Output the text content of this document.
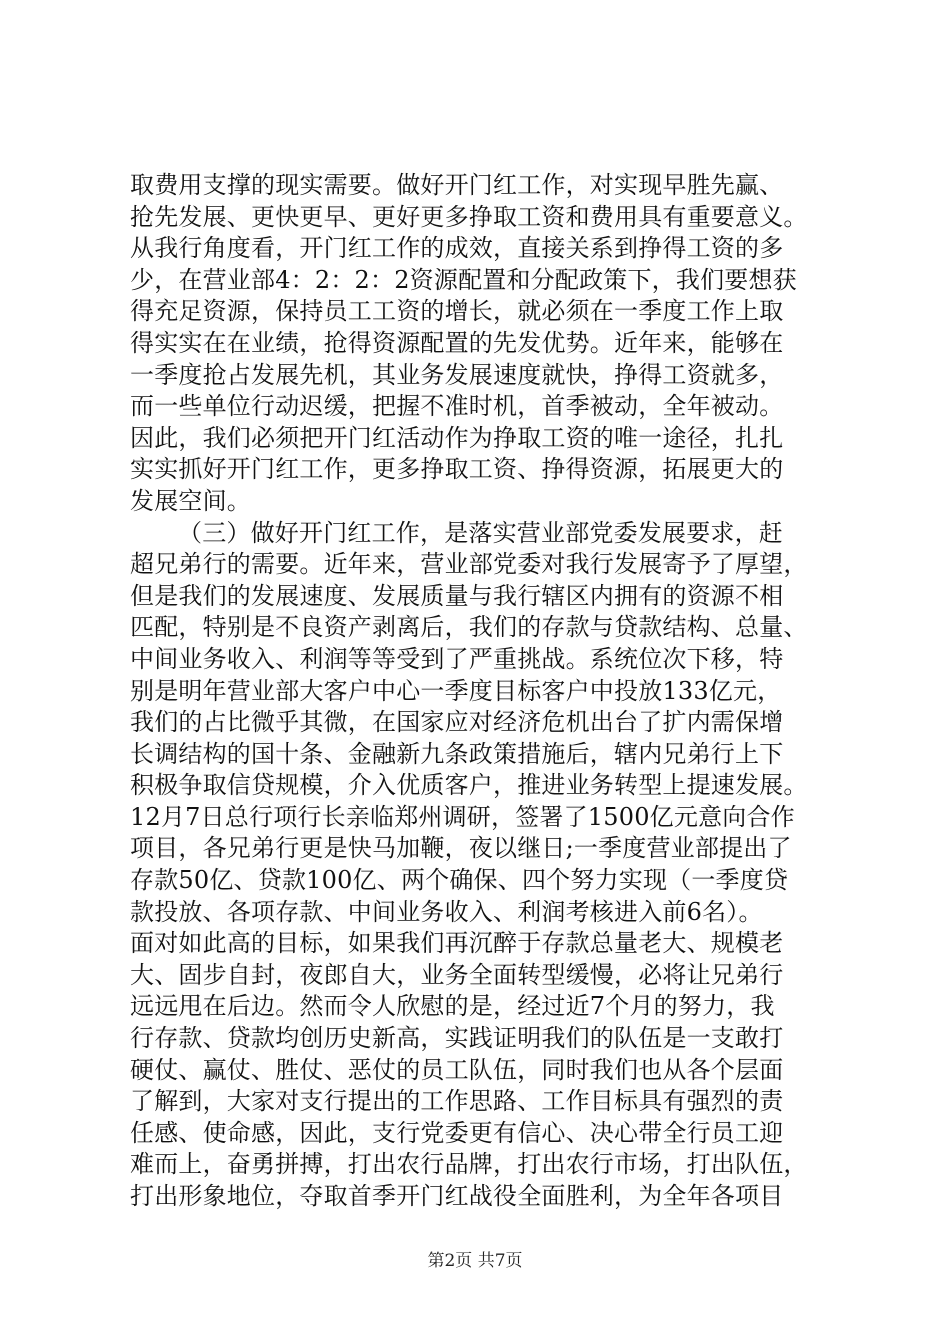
取费用支撑的现实需要。做好开门红工作，对实现早胜先赢、
抢先发展、更快更早、更好更多挣取工资和费用具有重要意义。
从我行角度看，开门红工作的成效，直接关系到挣得工资的多
少，在营业部4：2：2：2资源配置和分配政策下，我们要想获
得充足资源，保持员工工资的增长，就必须在一季度工作上取
得实实在在业绩，抢得资源配置的先发优势。近年来，能够在
一季度抢占发展先机，其业务发展速度就快，挣得工资就多，
而一些单位行动迟缓，把握不准时机，首季被动，全年被动。
因此，我们必须把开门红活动作为挣取工资的唯一途径，扎扎
实实抓好开门红工作，更多挣取工资、挣得资源，拓展更大的
发展空间。
（三）做好开门红工作，是落实营业部党委发展要求，赶
超兄弟行的需要。近年来，营业部党委对我行发展寄予了厚望，
但是我们的发展速度、发展质量与我行辖区内拥有的资源不相
匹配，特别是不良资产剥离后，我们的存款与贷款结构、总量、
中间业务收入、利润等等受到了严重挑战。系统位次下移，特
别是明年营业部大客户中心一季度目标客户中投放133亿元，
我们的占比微乎其微，在国家应对经济危机出台了扩内需保增
长调结构的国十条、金融新九条政策措施后，辖内兄弟行上下
积极争取信贷规模，介入优质客户，推进业务转型上提速发展。
12月7日总行项行长亲临郑州调研，签署了1500亿元意向合作
项目，各兄弟行更是快马加鞭，夜以继日;一季度营业部提出了
存款50亿、贷款100亿、两个确保、四个努力实现（一季度贷
款投放、各项存款、中间业务收入、利润考核进入前6名）。
面对如此高的目标，如果我们再沉醉于存款总量老大、规模老
大、固步自封，夜郎自大，业务全面转型缓慢，必将让兄弟行
远远甩在后边。然而令人欣慰的是，经过近7个月的努力，我
行存款、贷款均创历史新高，实践证明我们的队伍是一支敢打
硬仗、赢仗、胜仗、恶仗的员工队伍，同时我们也从各个层面
了解到，大家对支行提出的工作思路、工作目标具有强烈的责
任感、使命感，因此，支行党委更有信心、决心带全行员工迎
难而上，奋勇拼搏，打出农行品牌，打出农行市场，打出队伍，
打出形象地位，夺取首季开门红战役全面胜利，为全年各项目
第2页 共7页
